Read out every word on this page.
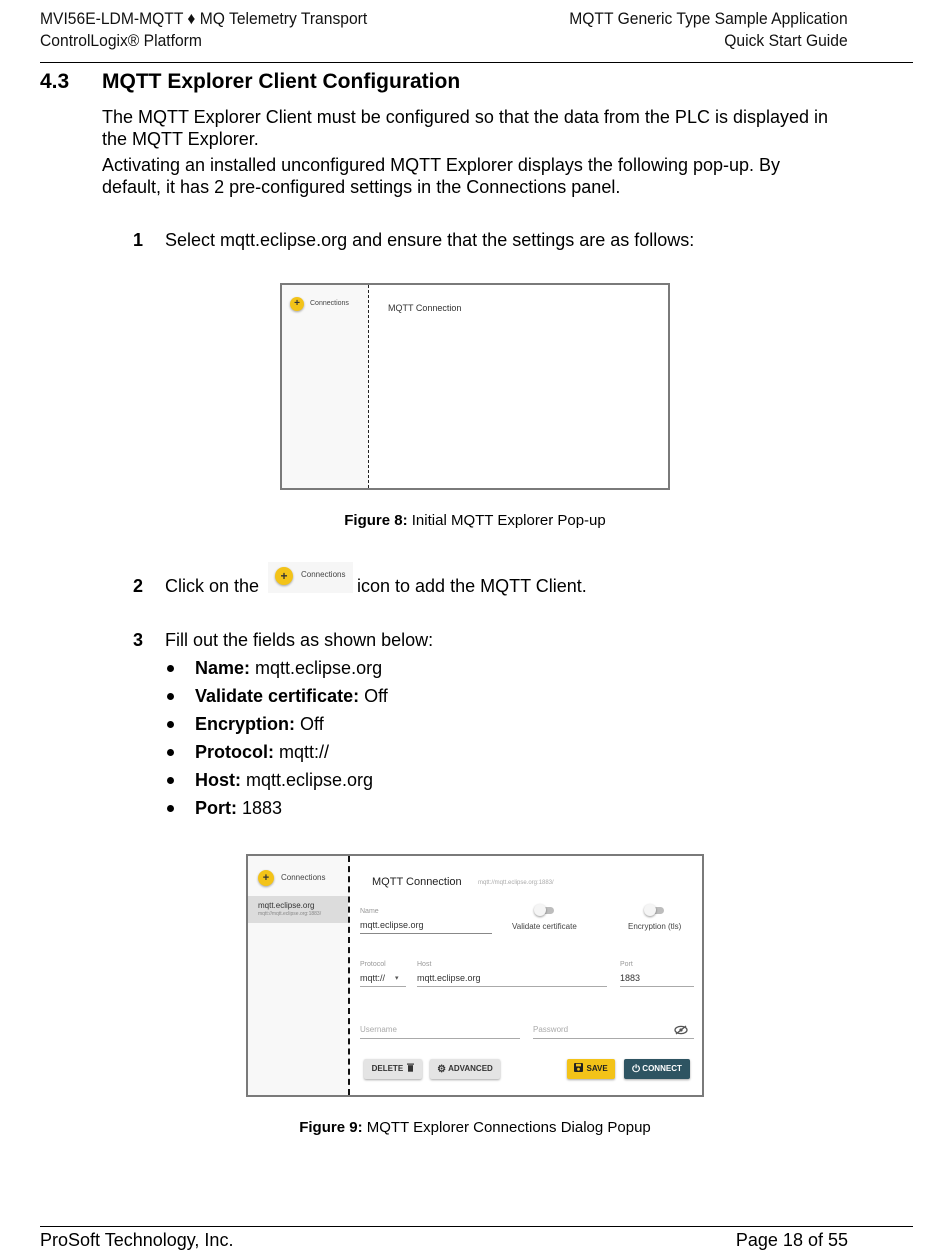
MVI56E-LDM-MQTT ♦ MQ Telemetry Transport
ControlLogix® Platform
MQTT Generic Type Sample Application
Quick Start Guide
4.3 MQTT Explorer Client Configuration
The MQTT Explorer Client must be configured so that the data from the PLC is displayed in the MQTT Explorer.
Activating an installed unconfigured MQTT Explorer displays the following pop-up. By default, it has 2 pre-configured settings in the Connections panel.
1 Select mqtt.eclipse.org and ensure that the settings are as follows:
+	Connections	MQTT Connection
Figure 8: Initial MQTT Explorer Pop-up
2 Click on the	+	Connections
icon to add the MQTT Client.
3 Fill out the fields as shown below:
Name: mqtt.eclipse.org
Validate certificate: Off
Encryption: Off
Protocol: mqtt://
Host: mqtt.eclipse.org
Port: 1883
+	Connections
mqtt.eclipse.org
mqtt://mqtt.eclipse.org:1883/
MQTT Connection	mqtt://mqtt.eclipse.org:1883/
Name
mqtt.eclipse.org	Validate certificate	Encryption (tls)
Protocol
mqtt:// ▾
Host
mqtt.eclipse.org
Port
1883
Username	Password
DELETE	⚙ ADVANCED	SAVE	⏻ CONNECT
Figure 9: MQTT Explorer Connections Dialog Popup
ProSoft Technology, Inc.	Page 18 of 55
